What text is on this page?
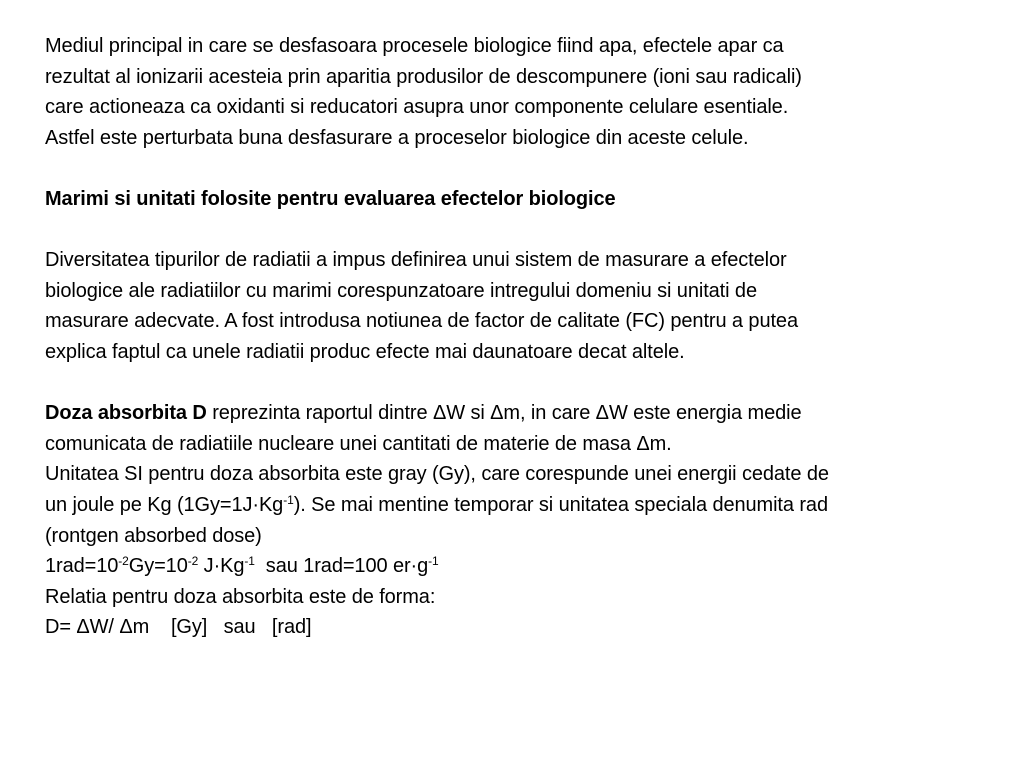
Mediul principal in care se desfasoara procesele biologice fiind apa, efectele apar ca
rezultat al ionizarii acesteia prin aparitia produsilor de descompunere (ioni sau radicali)
care actioneaza ca oxidanti si reducatori asupra unor componente celulare esentiale.
Astfel este perturbata buna desfasurare a proceselor biologice din aceste celule.
Marimi si unitati folosite pentru evaluarea efectelor biologice
Diversitatea tipurilor de radiatii a impus definirea unui sistem de masurare a efectelor
biologice ale radiatiilor cu marimi corespunzatoare intregului domeniu si unitati de
masurare adecvate. A fost introdusa notiunea de factor de calitate (FC) pentru a putea
explica faptul ca unele radiatii produc efecte mai daunatoare decat altele.
Doza absorbita D reprezinta raportul dintre ΔW si Δm, in care ΔW este energia medie
comunicata de radiatiile nucleare unei cantitati de materie de masa Δm.
Unitatea SI pentru doza absorbita este gray (Gy), care corespunde unei energii cedate de
un joule pe Kg $(1Gy=1J\cdot Kg^{-1})$. Se mai mentine temporar si unitatea speciala denumita rad
(rontgen absorbed dose)
$1rad=10^{-2}Gy=10^{-2}$ $J\cdot Kg^{-1}$  sau 1rad=100 $er\cdot g^{-1}$
Relatia pentru doza absorbita este de forma:
D= ΔW/ Δm    [Gy]   sau   [rad]
